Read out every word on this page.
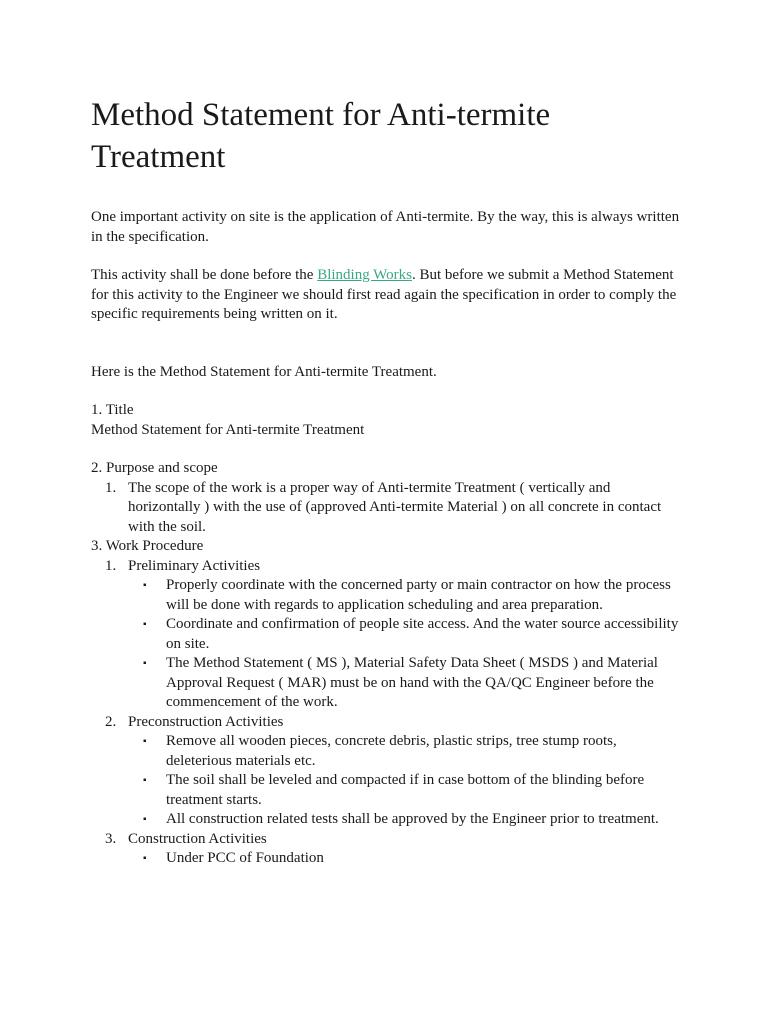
Method Statement for Anti-termite Treatment

One important activity on site is the application of Anti-termite. By the way, this is always written in the specification.

This activity shall be done before the Blinding Works. But before we submit a Method Statement for this activity to the Engineer we should first read again the specification in order to comply the specific requirements being written on it.

Here is the Method Statement for Anti-termite Treatment.

1. Title

Method Statement for Anti-termite Treatment

2. Purpose and scope
1. The scope of the work is a proper way of Anti-termite Treatment ( vertically and horizontally ) with the use of (approved Anti-termite Material ) on all concrete in contact with the soil.
3. Work Procedure
1. Preliminary Activities
▪ Properly coordinate with the concerned party or main contractor on how the process will be done with regards to application scheduling and area preparation.
▪ Coordinate and confirmation of people site access. And the water source accessibility on site.
▪ The Method Statement ( MS ), Material Safety Data Sheet ( MSDS ) and Material Approval Request ( MAR) must be on hand with the QA/QC Engineer before the commencement of the work.
2. Preconstruction Activities
▪ Remove all wooden pieces, concrete debris, plastic strips, tree stump roots, deleterious materials etc.
▪ The soil shall be leveled and compacted if in case bottom of the blinding before treatment starts.
▪ All construction related tests shall be approved by the Engineer prior to treatment.
3. Construction Activities
▪ Under PCC of Foundation
